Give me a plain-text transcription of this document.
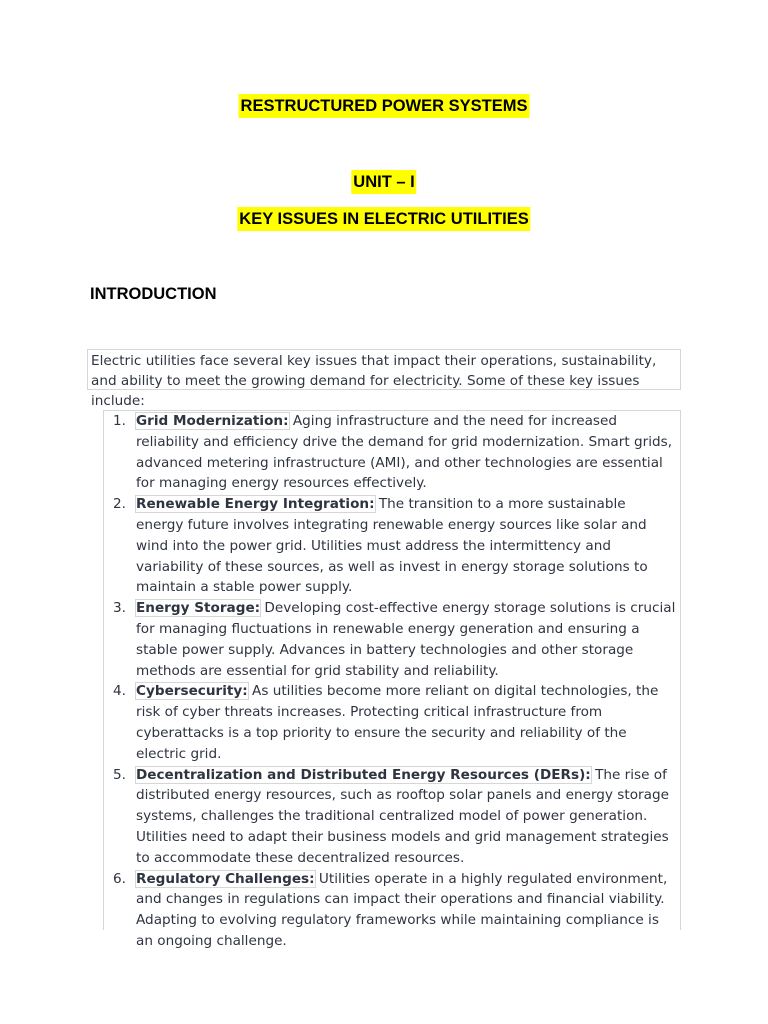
RESTRUCTURED POWER SYSTEMS
UNIT – I
KEY ISSUES IN ELECTRIC UTILITIES
INTRODUCTION
Electric utilities face several key issues that impact their operations, sustainability, and ability to meet the growing demand for electricity. Some of these key issues include:
1. Grid Modernization: Aging infrastructure and the need for increased reliability and efficiency drive the demand for grid modernization. Smart grids, advanced metering infrastructure (AMI), and other technologies are essential for managing energy resources effectively.
2. Renewable Energy Integration: The transition to a more sustainable energy future involves integrating renewable energy sources like solar and wind into the power grid. Utilities must address the intermittency and variability of these sources, as well as invest in energy storage solutions to maintain a stable power supply.
3. Energy Storage: Developing cost-effective energy storage solutions is crucial for managing fluctuations in renewable energy generation and ensuring a stable power supply. Advances in battery technologies and other storage methods are essential for grid stability and reliability.
4. Cybersecurity: As utilities become more reliant on digital technologies, the risk of cyber threats increases. Protecting critical infrastructure from cyberattacks is a top priority to ensure the security and reliability of the electric grid.
5. Decentralization and Distributed Energy Resources (DERs): The rise of distributed energy resources, such as rooftop solar panels and energy storage systems, challenges the traditional centralized model of power generation. Utilities need to adapt their business models and grid management strategies to accommodate these decentralized resources.
6. Regulatory Challenges: Utilities operate in a highly regulated environment, and changes in regulations can impact their operations and financial viability. Adapting to evolving regulatory frameworks while maintaining compliance is an ongoing challenge.
